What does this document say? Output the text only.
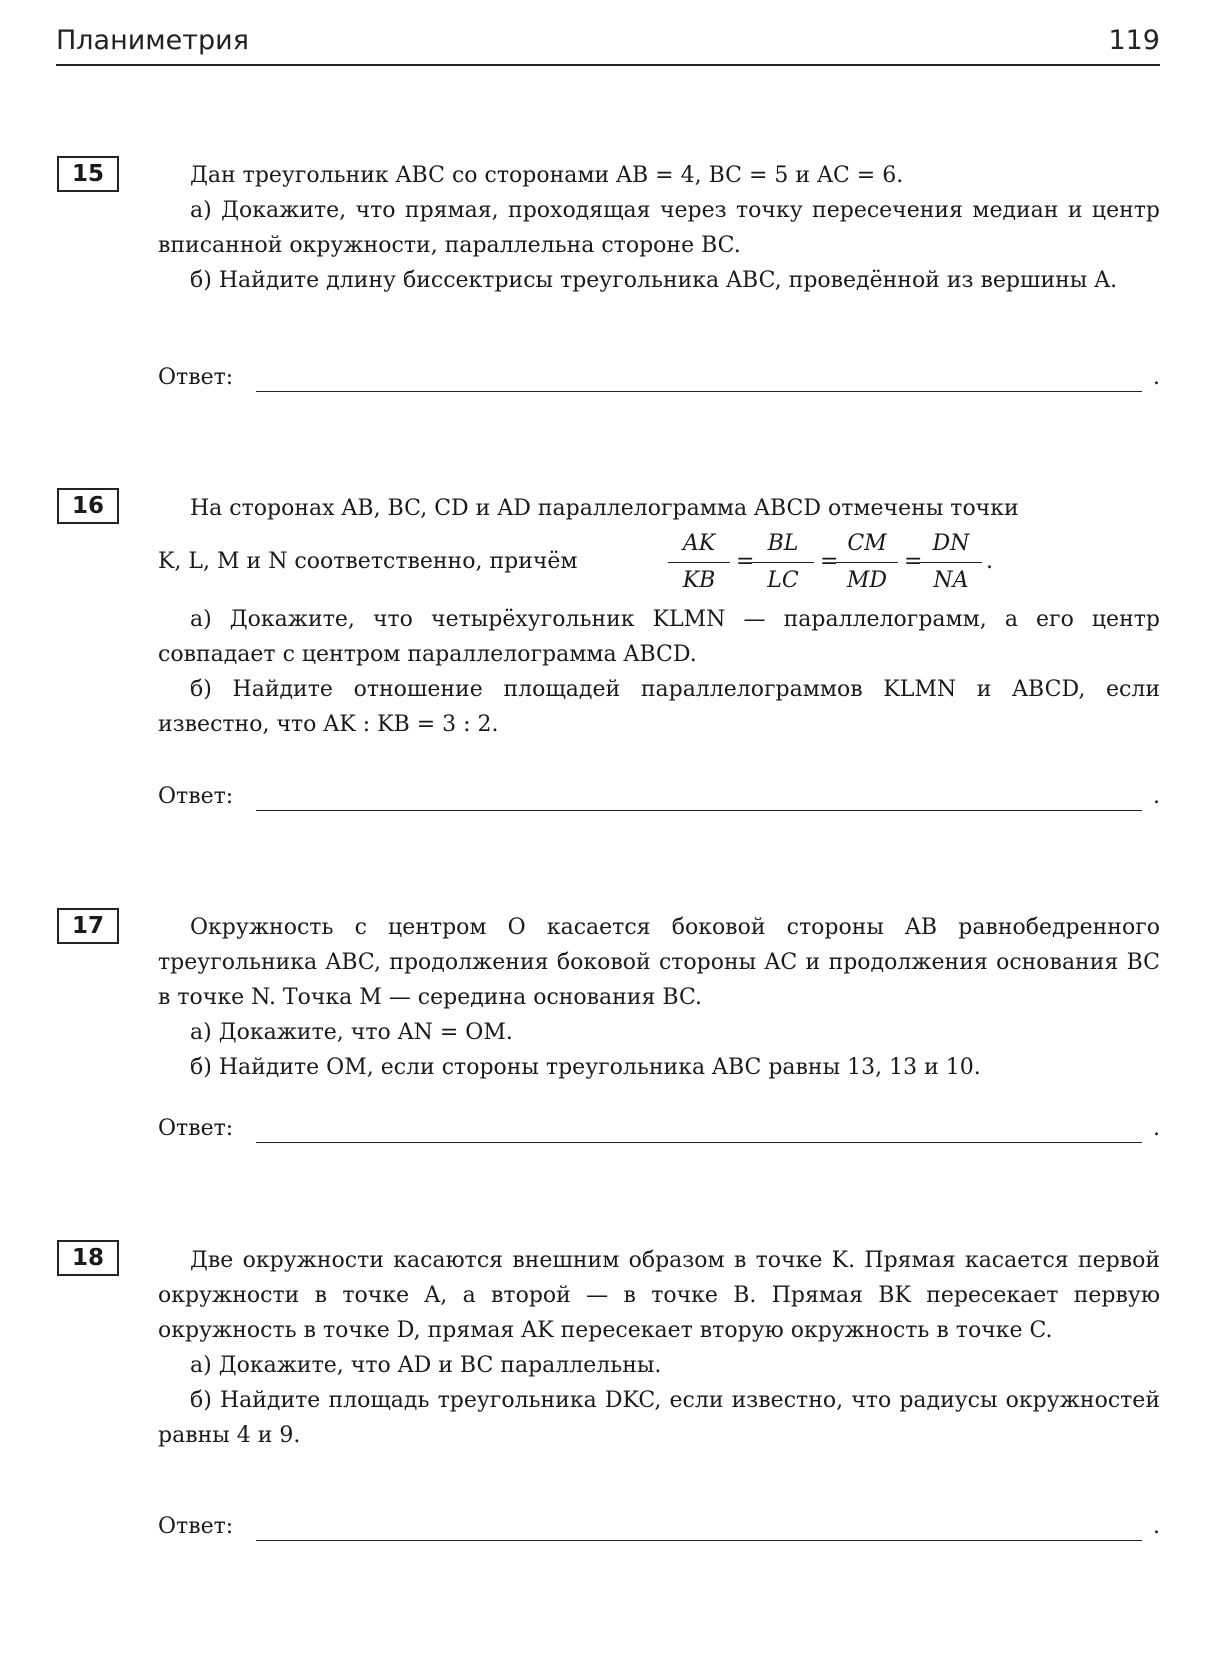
Планиметрия	119
15	Дан треугольник ABC со сторонами AB = 4, BC = 5 и AC = 6.

а) Докажите, что прямая, проходящая через точку пересечения медиан и центр вписанной окружности, параллельна стороне BC.

б) Найдите длину биссектрисы треугольника ABC, проведённой из вершины A.

Ответ:	.
16	На сторонах AB, BC, CD и AD параллелограмма ABCD отмечены точки

K, L, M и N соответственно, причём
AK
KB
=
BL
LC
=
CM
MD
=
DN
NA
.

а) Докажите, что четырёхугольник KLMN — параллелограмм, а его центр совпадает с центром параллелограмма ABCD.

б) Найдите отношение площадей параллелограммов KLMN и ABCD, если известно, что AK : KB = 3 : 2.

Ответ:	.
17	Окружность с центром O касается боковой стороны AB равнобедренного треугольника ABC, продолжения боковой стороны AC и продолжения основания BC в точке N. Точка M — середина основания BC.

а) Докажите, что AN = OM.

б) Найдите OM, если стороны треугольника ABC равны 13, 13 и 10.

Ответ:	.
18	Две окружности касаются внешним образом в точке K. Прямая касается первой окружности в точке A, а второй — в точке B. Прямая BK пересекает первую окружность в точке D, прямая AK пересекает вторую окружность в точке C.

а) Докажите, что AD и BC параллельны.

б) Найдите площадь треугольника DKC, если известно, что радиусы окружностей равны 4 и 9.

Ответ:	.
